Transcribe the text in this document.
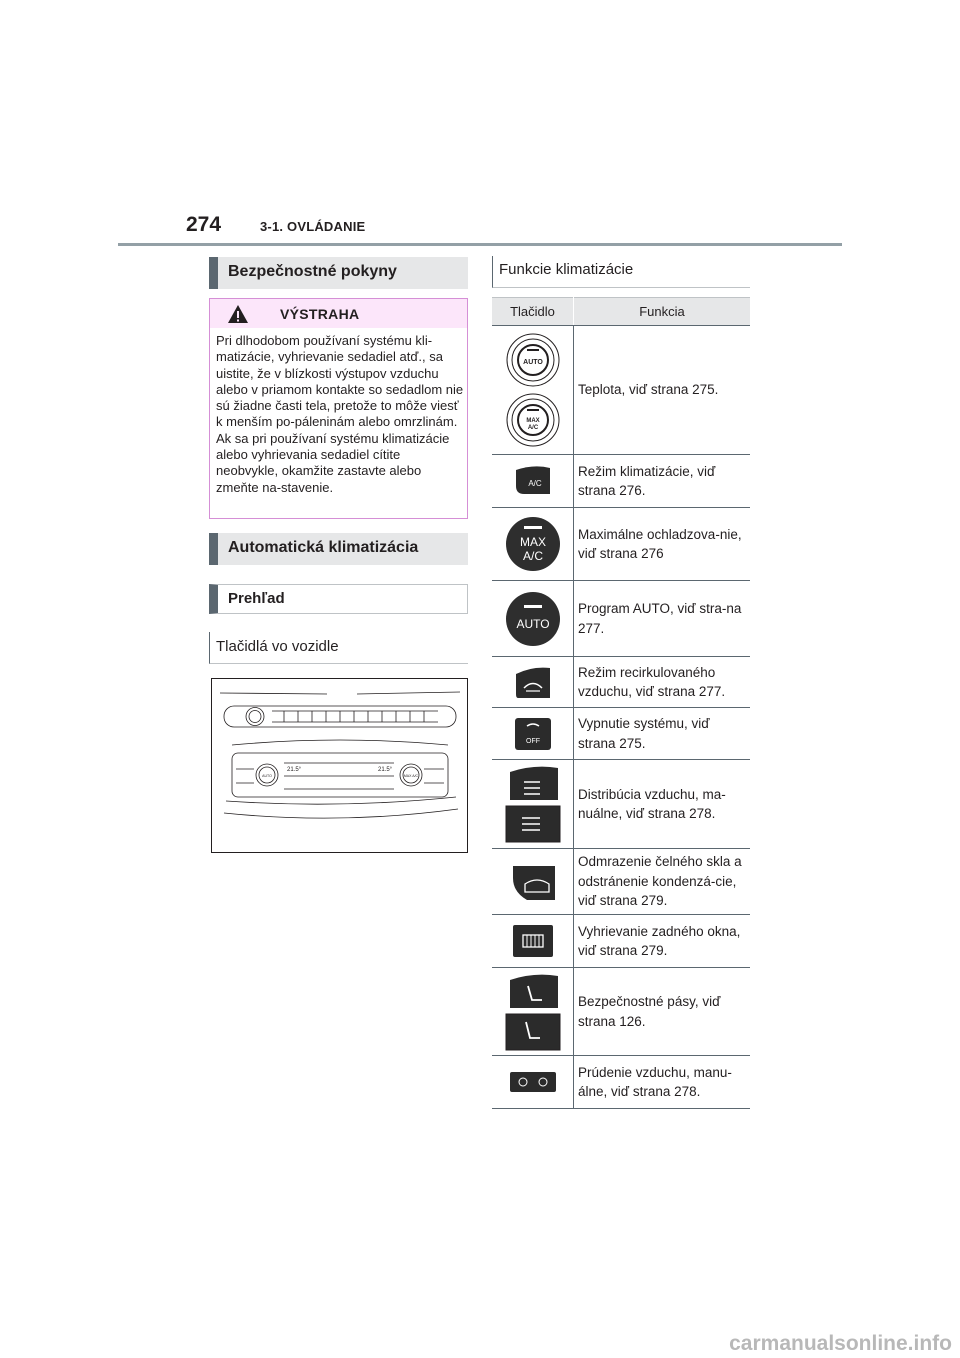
274	3-1. OVLÁDANIE
Bezpečnostné pokyny
VÝSTRAHA
Pri dlhodobom používaní systému kli-matizácie, vyhrievanie sedadiel atď., sa uistite, že v blízkosti výstupov vzduchu alebo v priamom kontakte so sedadlom nie sú žiadne časti tela, pretože to môže viesť k menším po-páleninám alebo omrzlinám. Ak sa pri používaní systému klimatizácie alebo vyhrievania sedadiel cítite neobvykle, okamžite zastavte alebo zmeňte na-stavenie.
Automatická klimatizácia
Prehľad
Tlačidlá vo vozidle
21.5°	21.5°
AUTO	MAX A/C
Funkcie klimatizácie
Tlačidlo	Funkcia

AUTO
MAX
A/C	Teplota, viď strana 275.

A/C	Režim klimatizácie, viď strana 276.

MAX
A/C	Maximálne ochladzova-nie, viď strana 276

AUTO	Program AUTO, viď stra-na 277.

	Režim recirkulovaného vzduchu, viď strana 277.

OFF	Vypnutie systému, viď strana 275.

	Distribúcia vzduchu, ma-nuálne, viď strana 278.

	Odmrazenie čelného skla a odstránenie kondenzá-cie, viď strana 279.

	Vyhrievanie zadného okna, viď strana 279.

	Bezpečnostné pásy, viď strana 126.

	Prúdenie vzduchu, manu-álne, viď strana 278.
carmanualsonline.info
